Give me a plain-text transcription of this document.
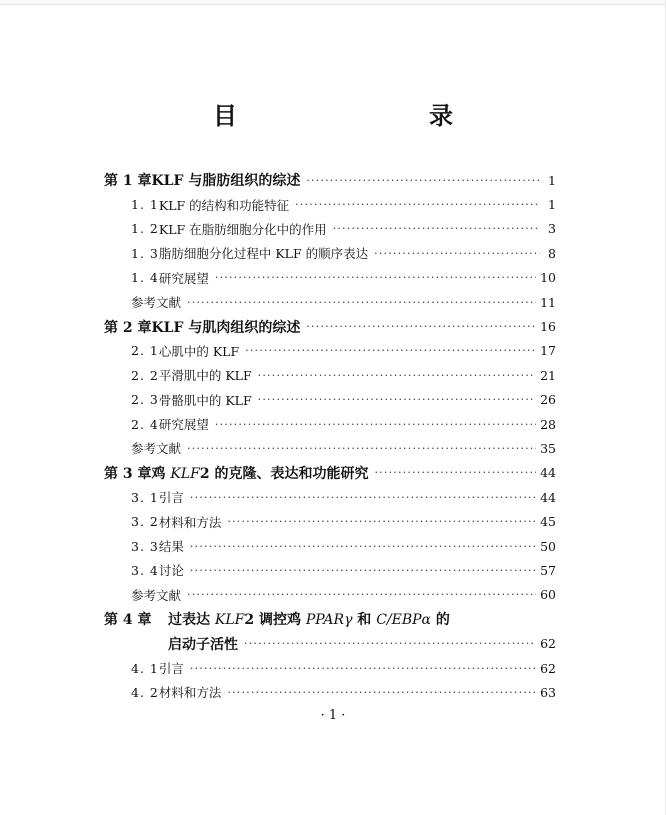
目　　录
第 1 章 KLF 与脂肪组织的综述 ·····	1
1. 1 KLF 的结构和功能特征 ·····	1
1. 2 KLF 在脂肪细胞分化中的作用 ·····	3
1. 3 脂肪细胞分化过程中 KLF 的顺序表达 ·····	8
1. 4 研究展望 ·····	10
参考文献 ·····	11
第 2 章 KLF 与肌肉组织的综述 ·····	16
2. 1 心肌中的 KLF ·····	17
2. 2 平滑肌中的 KLF ·····	21
2. 3 骨骼肌中的 KLF ·····	26
2. 4 研究展望 ·····	28
参考文献 ·····	35
第 3 章 鸡 KLF2 的克隆、表达和功能研究 ·····	44
3. 1 引言 ·····	44
3. 2 材料和方法 ·····	45
3. 3 结果 ·····	50
3. 4 讨论 ·····	57
参考文献 ·····	60
第 4 章	过表达 KLF2 调控鸡 PPARγ 和 C/EBPα 的
启动子活性 ·····	62
4. 1 引言 ·····	62
4. 2 材料和方法 ·····	63
· 1 ·
